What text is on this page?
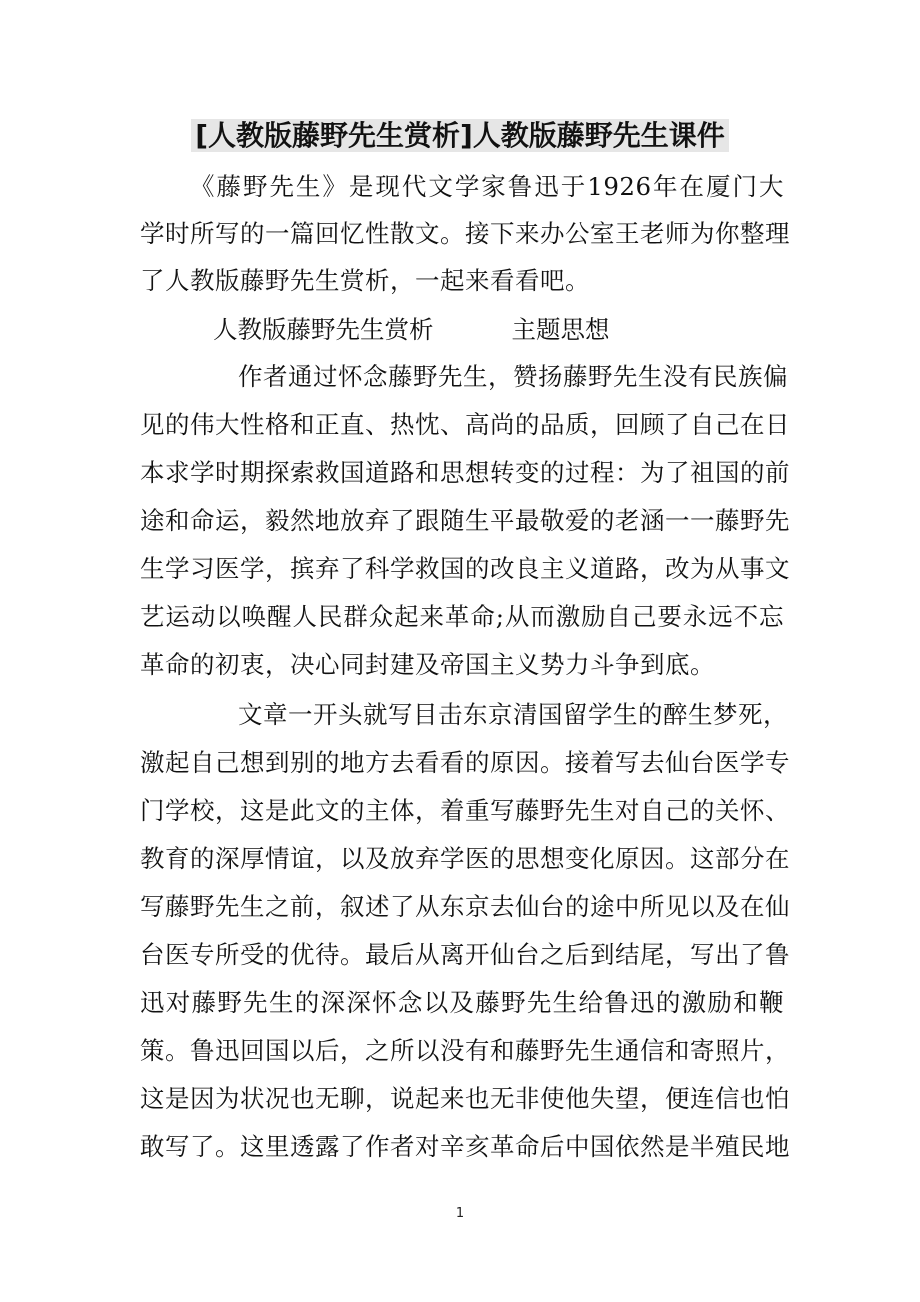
[人教版藤野先生赏析]人教版藤野先生课件
《藤野先生》是现代文学家鲁迅于1926年在厦门大
学时所写的一篇回忆性散文。接下来办公室王老师为你整理
了人教版藤野先生赏析，一起来看看吧。
人教版藤野先生赏析	主题思想
作者通过怀念藤野先生，赞扬藤野先生没有民族偏
见的伟大性格和正直、热忱、高尚的品质，回顾了自己在日
本求学时期探索救国道路和思想转变的过程：为了祖国的前
途和命运，毅然地放弃了跟随生平最敬爱的老涵一一藤野先
生学习医学，摈弃了科学救国的改良主义道路，改为从事文
艺运动以唤醒人民群众起来革命;从而激励自己要永远不忘
革命的初衷，决心同封建及帝国主义势力斗争到底。
文章一开头就写目击东京清国留学生的醉生梦死，
激起自己想到别的地方去看看的原因。接着写去仙台医学专
门学校，这是此文的主体，着重写藤野先生对自己的关怀、
教育的深厚情谊，以及放弃学医的思想变化原因。这部分在
写藤野先生之前，叙述了从东京去仙台的途中所见以及在仙
台医专所受的优待。最后从离开仙台之后到结尾，写出了鲁
迅对藤野先生的深深怀念以及藤野先生给鲁迅的激励和鞭
策。鲁迅回国以后，之所以没有和藤野先生通信和寄照片，
这是因为状况也无聊，说起来也无非使他失望，便连信也怕
敢写了。这里透露了作者对辛亥革命后中国依然是半殖民地
1
